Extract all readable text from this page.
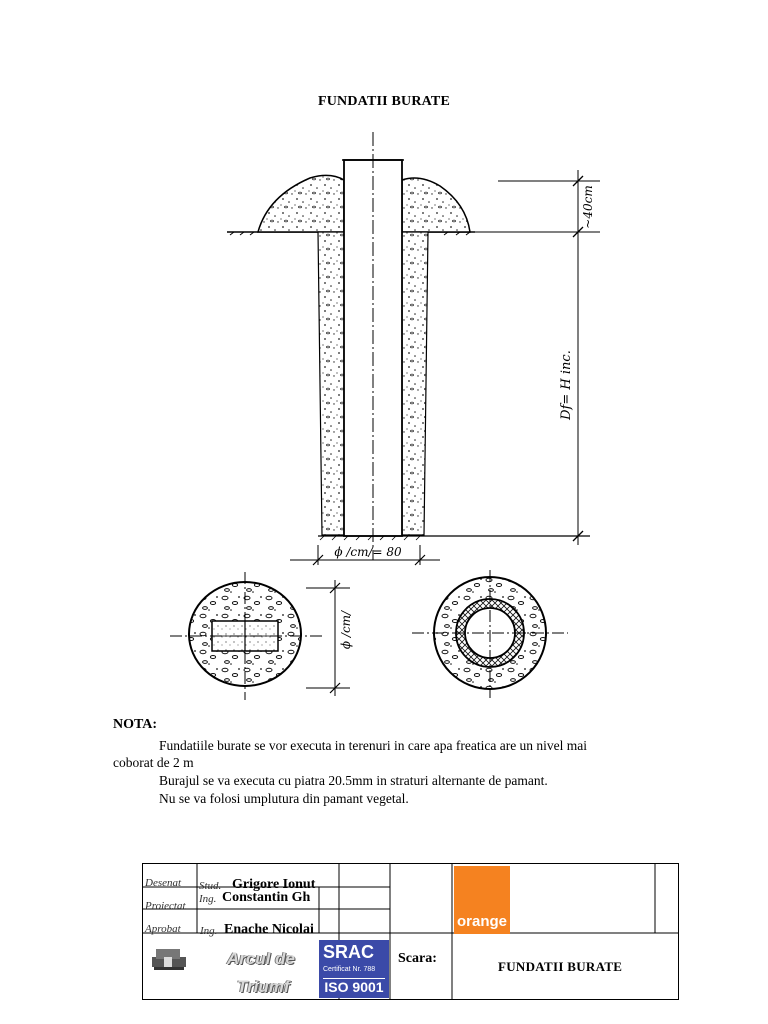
FUNDATII BURATE
~40cm
Df= H inc.
ϕ /cm/= 80
ϕ /cm/
NOTA:
Fundatiile burate se vor executa in terenuri in care apa freatica are un nivel mai
coborat de 2 m
Burajul se va executa cu piatra 20.5mm in straturi alternante de pamant.
Nu se va folosi umplutura din pamant vegetal.
Desenat
Proiectat
Aprobat
Stud. Grigore Ionut
Ing. Constantin Gh
Ing. Enache Nicolai	orange
Arcul de
Triumf
SRAC
Certificat Nr. 788
ISO 9001
Scara:
FUNDATII BURATE
